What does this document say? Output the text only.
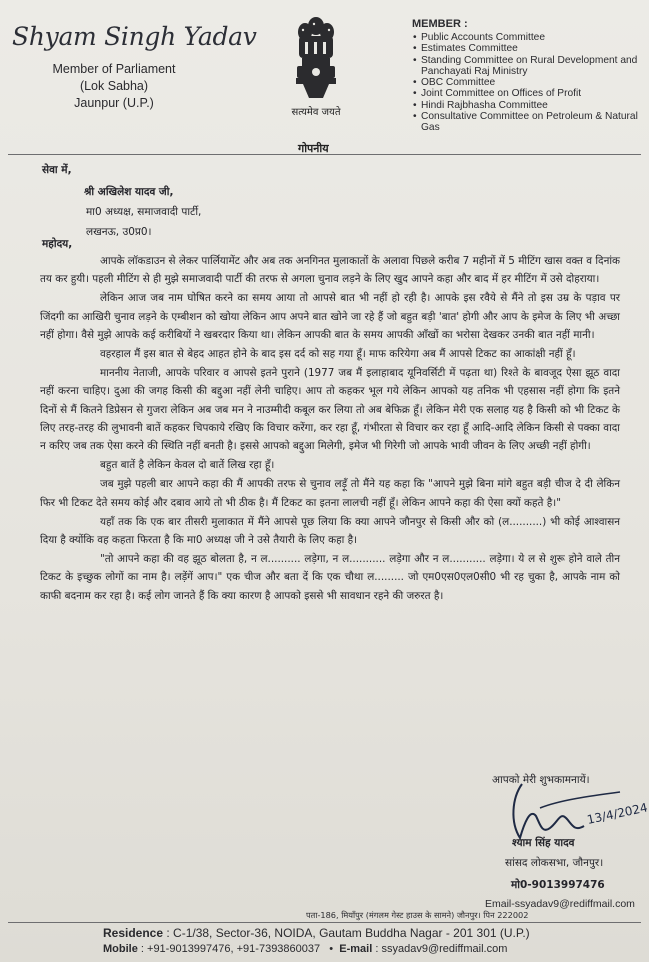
Shyam Singh Yadav
Member of Parliament
(Lok Sabha)
Jaunpur (U.P.)
सत्यमेव जयते
गोपनीय
MEMBER :
• Public Accounts Committee
• Estimates Committee
• Standing Committee on Rural Development and Panchayati Raj Ministry
• OBC Committee
• Joint Committee on Offices of Profit
• Hindi Rajbhasha Committee
• Consultative Committee on Petroleum & Natural Gas
सेवा में,
श्री अखिलेश यादव जी,
मा0 अध्यक्ष, समाजवादी पार्टी,
लखनऊ, उ0प्र0।
महोदय,

आपके लॉकडाउन से लेकर पार्लियामेंट और अब तक अनगिनत मुलाकातों के अलावा पिछले करीब 7 महीनों में 5 मीटिंग खास वक्त व दिनांक तय कर हुयी। पहली मीटिंग से ही मुझे समाजवादी पार्टी की तरफ से अगला चुनाव लड़ने के लिए खुद आपने कहा और बाद में हर मीटिंग में उसे दोहराया।

लेकिन आज जब नाम घोषित करने का समय आया तो आपसे बात भी नहीं हो रही है। आपके इस रवैये से मैंने तो इस उम्र के पड़ाव पर जिंदगी का आखिरी चुनाव लड़ने के एम्बीशन को खोया लेकिन आप अपने बात खोने जा रहे हैं जो बहुत बड़ी 'बात' होगी और आप के इमेज के लिए भी अच्छा नहीं होगा। वैसे मुझे आपके कई करीबियों ने खबरदार किया था। लेकिन आपकी बात के समय आपकी आँखों का भरोसा देखकर उनकी बात नहीं मानी।

वहरहाल मैं इस बात से बेहद आहत होने के बाद इस दर्द को सह गया हूँ। माफ करियेगा अब मैं आपसे टिकट का आकांक्षी नहीं हूँ।

माननीय नेताजी, आपके परिवार व आपसे इतने पुराने (1977 जब मैं इलाहाबाद यूनिवर्सिटी में पढ़ता था) रिश्ते के बावजूद ऐसा झूठ वादा नहीं करना चाहिए। दुआ की जगह किसी की बद्दुआ नहीं लेनी चाहिए। आप तो कहकर भूल गये लेकिन आपको यह तनिक भी एहसास नहीं होगा कि इतने दिनों से मैं कितने डिप्रेसन से गुजरा लेकिन अब जब मन ने नाउम्मीदी कबूल कर लिया तो अब बेफिक्र हूँ। लेकिन मेरी एक सलाह यह है किसी को भी टिकट के लिए तरह-तरह की लुभावनी बातें कहकर चिपकाये रखिए कि विचार करेंगा, कर रहा हूँ, गंभीरता से विचार कर रहा हूँ आदि-आदि लेकिन किसी से पक्का वादा न करिए जब तक ऐसा करने की स्थिति नहीं बनती है। इससे आपको बद्दुआ मिलेगी, इमेज भी गिरेगी जो आपके भावी जीवन के लिए अच्छी नहीं होगी।

बहुत बातें है लेकिन केवल दो बातें लिख रहा हूँ।

जब मुझे पहली बार आपने कहा की मैं आपकी तरफ से चुनाव लड़ूँ तो मैंने यह कहा कि "आपने मुझे बिना मांगे बहुत बड़ी चीज दे दी लेकिन फिर भी टिकट देते समय कोई और दबाव आये तो भी ठीक है। मैं टिकट का इतना लालची नहीं हूँ। लेकिन आपने कहा की ऐसा क्यों कहते है।"

यहाँ तक कि एक बार तीसरी मुलाकात में मैंने आपसे पूछ लिया कि क्या आपने जौनपुर से किसी और को (ल..........) भी कोई आश्वासन दिया है क्योंकि वह कहता फिरता है कि मा0 अध्यक्ष जी ने उसे तैयारी के लिए कहा है।

"तो आपने कहा की वह झूठ बोलता है, न ल.......... लड़ेगा, न ल........... लड़ेगा और न ल........... लड़ेगा। ये ल से शुरू होने वाले तीन टिकट के इच्छुक लोगों का नाम है। लड़ेंगें आप।" एक चीज और बता दें कि एक चौथा ल......... जो एम0एस0एल0सी0 भी रह चुका है, आपके नाम को काफी बदनाम कर रहा है। कई लोग जानते हैं कि क्या कारण है आपको इससे भी सावधान रहने की जरुरत है।

आपको मेरी शुभकामनायें।
13/4/2024
श्याम सिंह यादव
सांसद लोकसभा, जौनपुर।
मो0-9013997476
Email-ssyadav9@rediffmail.com
पता-186, मियाँपुर (मंगलम गेस्ट हाउस के सामने) जौनपुर। पिन 222002
Residence : C-1/38, Sector-36, NOIDA, Gautam Buddha Nagar - 201 301 (U.P.)
Mobile : +91-9013997476, +91-7393860037   •  E-mail : ssyadav9@rediffmail.com
